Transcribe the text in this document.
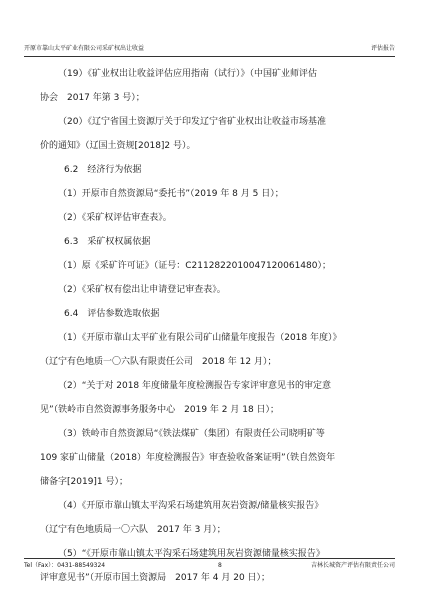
开原市靠山太平矿业有限公司采矿权出让收益	评估报告

（19）《矿业权出让收益评估应用指南（试行）》（中国矿业师评估

协会　2017 年第 3 号）；

（20）《辽宁省国土资源厅关于印发辽宁省矿业权出让收益市场基准

价的通知》（辽国土资规[2018]2 号）。

6.2　经济行为依据

（1）开原市自然资源局“委托书”（2019 年 8 月 5 日）；

（2）《采矿权评估审查表》。

6.3　采矿权权属依据

（1）原《采矿许可证》（证号：C2112822010047120061480）；

（2）《采矿权有偿出让申请登记审查表》。

6.4　评估参数选取依据

（1）《开原市靠山太平矿业有限公司矿山储量年度报告（2018 年度）》

（辽宁有色地质一〇六队有限责任公司　2018 年 12 月）；

（2）“关于对 2018 年度储量年度检测报告专家评审意见书的审定意

见”（铁岭市自然资源事务服务中心　2019 年 2 月 18 日）；

（3）铁岭市自然资源局“《铁法煤矿（集团）有限责任公司晓明矿等

109 家矿山储量（2018）年度检测报告》审查验收备案证明”（铁自然资年

储备字[2019]1 号）；

（4）《开原市靠山镇太平沟采石场建筑用灰岩资源/储量核实报告》

（辽宁有色地质局一〇六队　2017 年 3 月）；

（5）“《开原市靠山镇太平沟采石场建筑用灰岩资源储量核实报告》

评审意见书”（开原市国土资源局　2017 年 4 月 20 日）；

Tel（Fax）：0431-88549324	8	吉林长城资产评估有限责任公司
